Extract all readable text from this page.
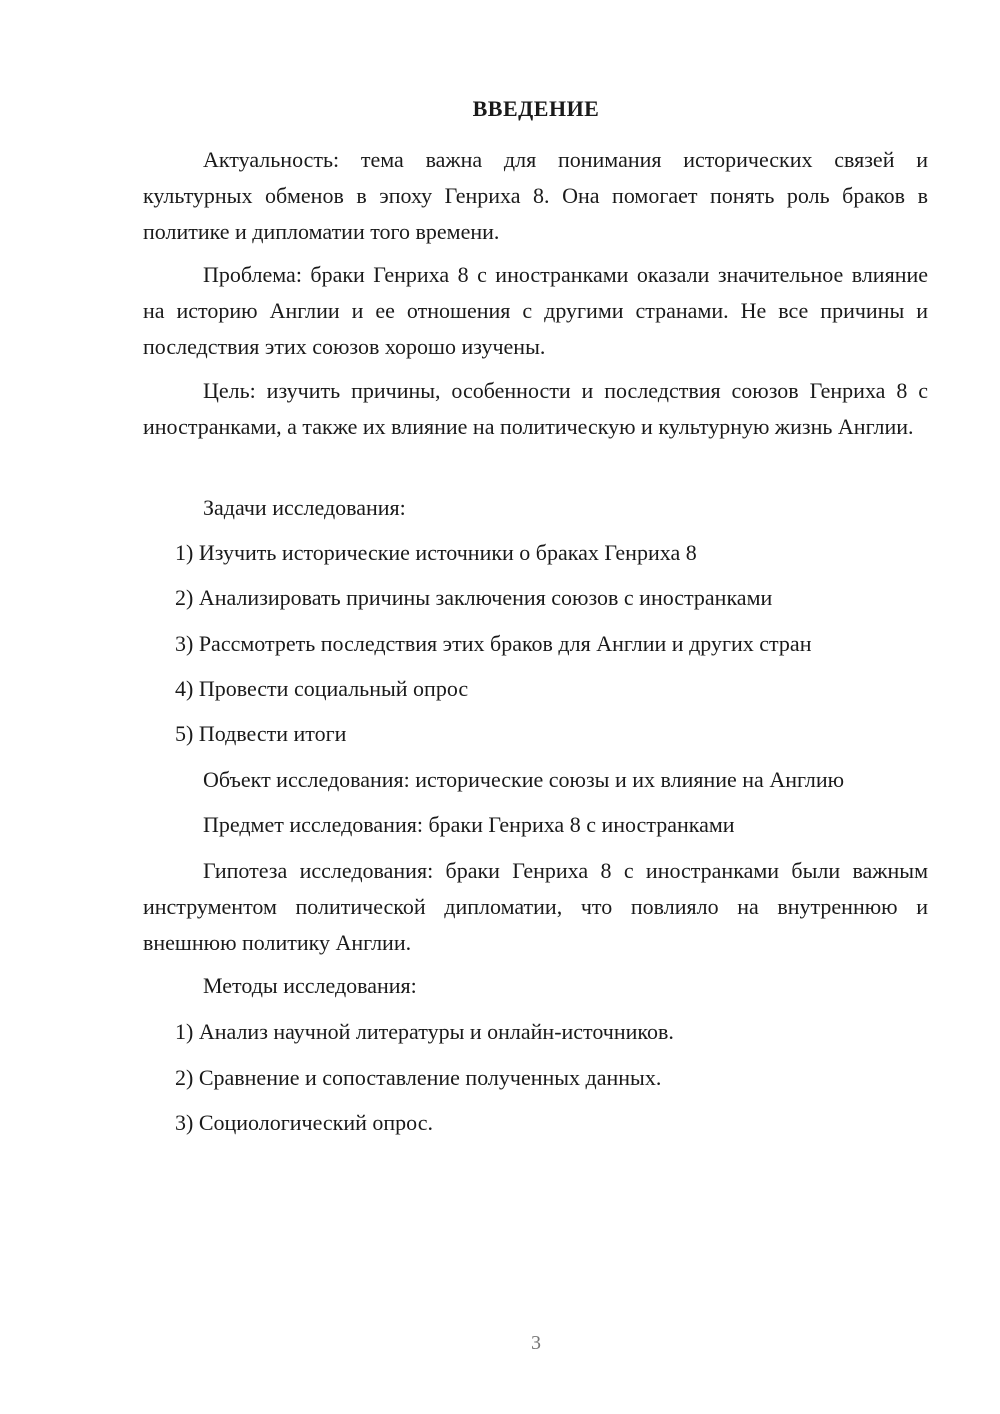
ВВЕДЕНИЕ

Актуальность: тема важна для понимания исторических связей и культурных обменов в эпоху Генриха 8. Она помогает понять роль браков в политике и дипломатии того времени.

Проблема: браки Генриха 8 с иностранками оказали значительное влияние на историю Англии и ее отношения с другими странами. Не все причины и последствия этих союзов хорошо изучены.

Цель: изучить причины, особенности и последствия союзов Генриха 8 с иностранками, а также их влияние на политическую и культурную жизнь Англии.

Задачи исследования:
1) Изучить исторические источники о браках Генриха 8
2) Анализировать причины заключения союзов с иностранками
3) Рассмотреть последствия этих браков для Англии и других стран
4) Провести социальный опрос
5) Подвести итоги
Объект исследования: исторические союзы и их влияние на Англию
Предмет исследования: браки Генриха 8 с иностранками

Гипотеза исследования: браки Генриха 8 с иностранками были важным инструментом политической дипломатии, что повлияло на внутреннюю и внешнюю политику Англии.

Методы исследования:
1) Анализ научной литературы и онлайн-источников.
2) Сравнение и сопоставление полученных данных.
3) Социологический опрос.
3
